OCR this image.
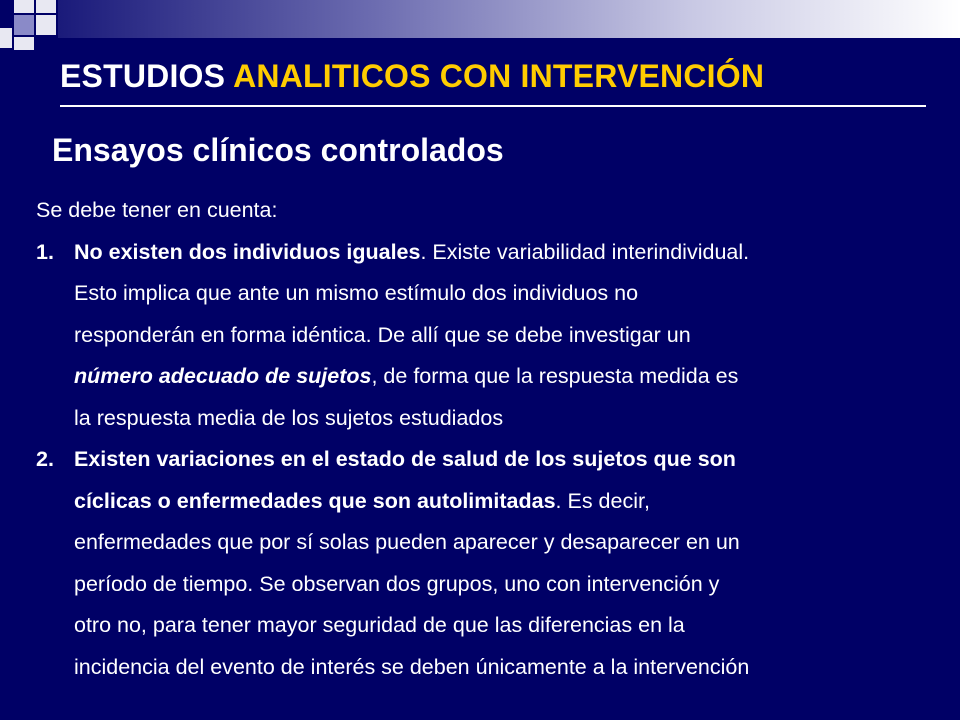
ESTUDIOS ANALITICOS CON INTERVENCIÓN
Ensayos clínicos controlados
Se debe tener en cuenta:
1. No existen dos individuos iguales. Existe variabilidad interindividual.
Esto implica que ante un mismo estímulo dos individuos no
responderán en forma idéntica. De allí que se debe investigar un
número adecuado de sujetos, de forma que la respuesta medida es
la respuesta media de los sujetos estudiados
2. Existen variaciones en el estado de salud de los sujetos que son
cíclicas o enfermedades que son autolimitadas. Es decir,
enfermedades que por sí solas pueden aparecer y desaparecer en un
período de tiempo. Se observan dos grupos, uno con intervención y
otro no, para tener mayor seguridad de que las diferencias en la
incidencia del evento de interés se deben únicamente a la intervención
